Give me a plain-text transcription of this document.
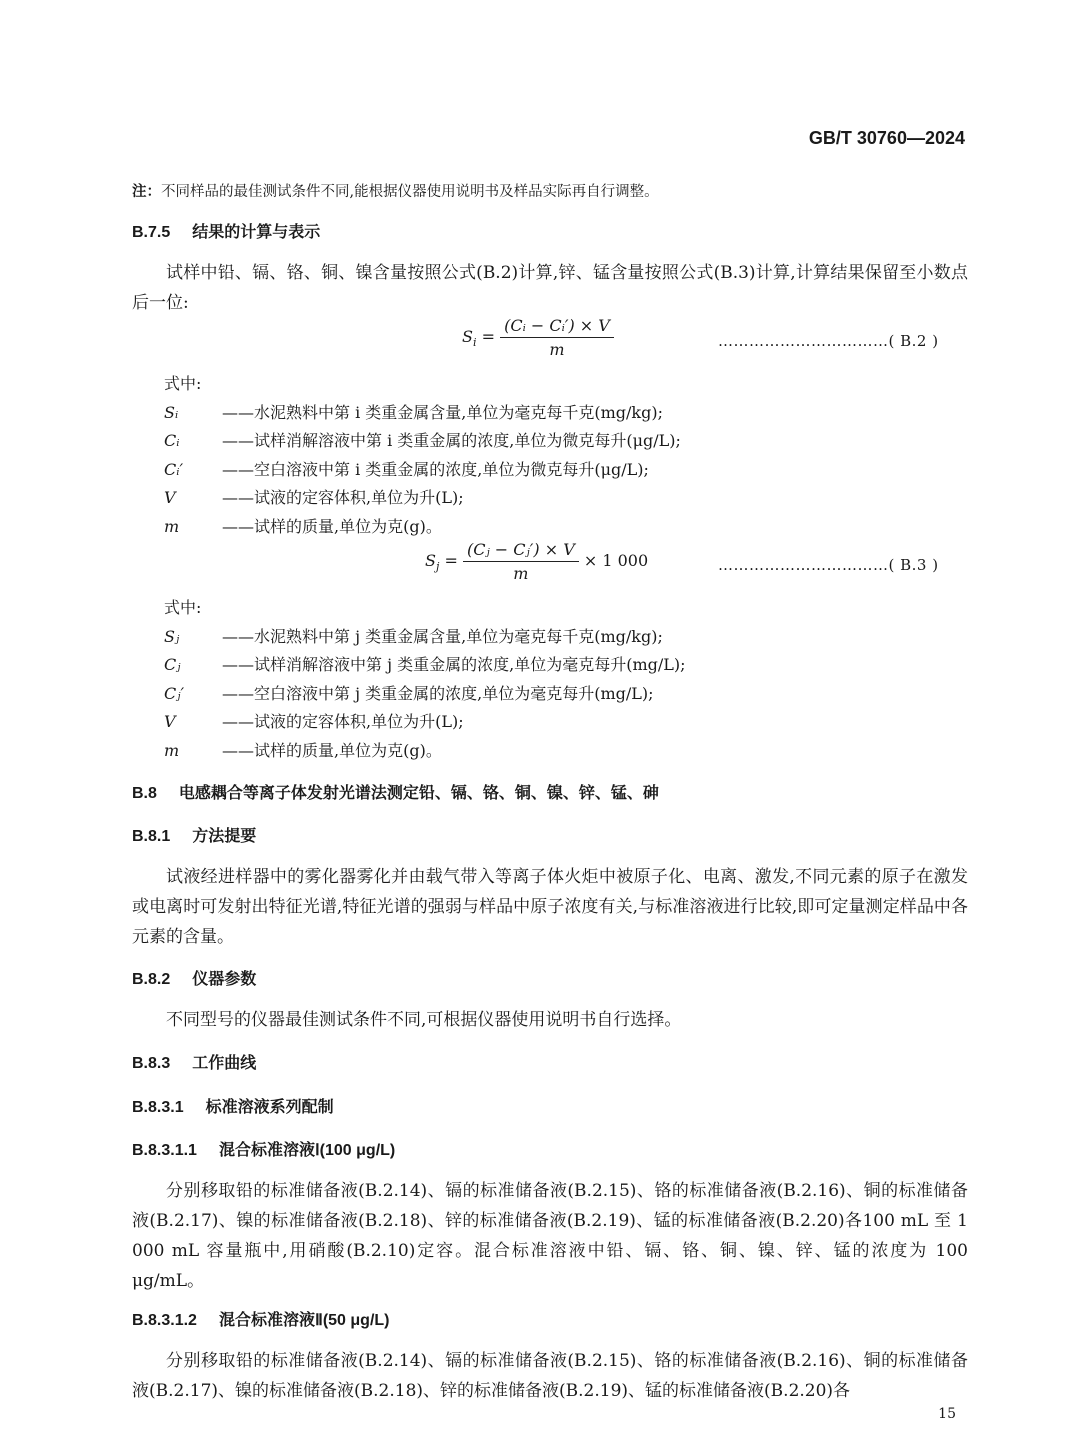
GB/T 30760—2024
注：不同样品的最佳测试条件不同,能根据仪器使用说明书及样品实际再自行调整。
B.7.5 结果的计算与表示
试样中铅、镉、铬、铜、镍含量按照公式(B.2)计算,锌、锰含量按照公式(B.3)计算,计算结果保留至小数点后一位:
$S_i = \frac{\text{(Cᵢ − Cᵢ′) × V}}{m}$	……………………………( B.2 )
式中:
Sᵢ	——水泥熟料中第 i 类重金属含量,单位为毫克每千克(mg/kg);
Cᵢ	——试样消解溶液中第 i 类重金属的浓度,单位为微克每升(μg/L);
Cᵢ′ ——空白溶液中第 i 类重金属的浓度,单位为微克每升(μg/L);
V	——试液的定容体积,单位为升(L);
m	——试样的质量,单位为克(g)。
$S_j = \frac{\text{(Cⱼ − Cⱼ′) × V}}{m} \times 1$ 000	……………………………( B.3 )
式中:
Sⱼ	——水泥熟料中第 j 类重金属含量,单位为毫克每千克(mg/kg);
Cⱼ	——试样消解溶液中第 j 类重金属的浓度,单位为毫克每升(mg/L);
Cⱼ′ ——空白溶液中第 j 类重金属的浓度,单位为毫克每升(mg/L);
V	——试液的定容体积,单位为升(L);
m	——试样的质量,单位为克(g)。
B.8 电感耦合等离子体发射光谱法测定铅、镉、铬、铜、镍、锌、锰、砷
B.8.1 方法提要
试液经进样器中的雾化器雾化并由载气带入等离子体火炬中被原子化、电离、激发,不同元素的原子在激发或电离时可发射出特征光谱,特征光谱的强弱与样品中原子浓度有关,与标准溶液进行比较,即可定量测定样品中各元素的含量。
B.8.2 仪器参数
不同型号的仪器最佳测试条件不同,可根据仪器使用说明书自行选择。
B.8.3 工作曲线
B.8.3.1 标准溶液系列配制
B.8.3.1.1 混合标准溶液Ⅰ(100 μg/L)
分别移取铅的标准储备液(B.2.14)、镉的标准储备液(B.2.15)、铬的标准储备液(B.2.16)、铜的标准储备液(B.2.17)、镍的标准储备液(B.2.18)、锌的标准储备液(B.2.19)、锰的标准储备液(B.2.20)各100 mL 至 1 000 mL 容量瓶中,用硝酸(B.2.10)定容。混合标准溶液中铅、镉、铬、铜、镍、锌、锰的浓度为 100 μg/mL。
B.8.3.1.2 混合标准溶液Ⅱ(50 μg/L)
分别移取铅的标准储备液(B.2.14)、镉的标准储备液(B.2.15)、铬的标准储备液(B.2.16)、铜的标准储备液(B.2.17)、镍的标准储备液(B.2.18)、锌的标准储备液(B.2.19)、锰的标准储备液(B.2.20)各
15
